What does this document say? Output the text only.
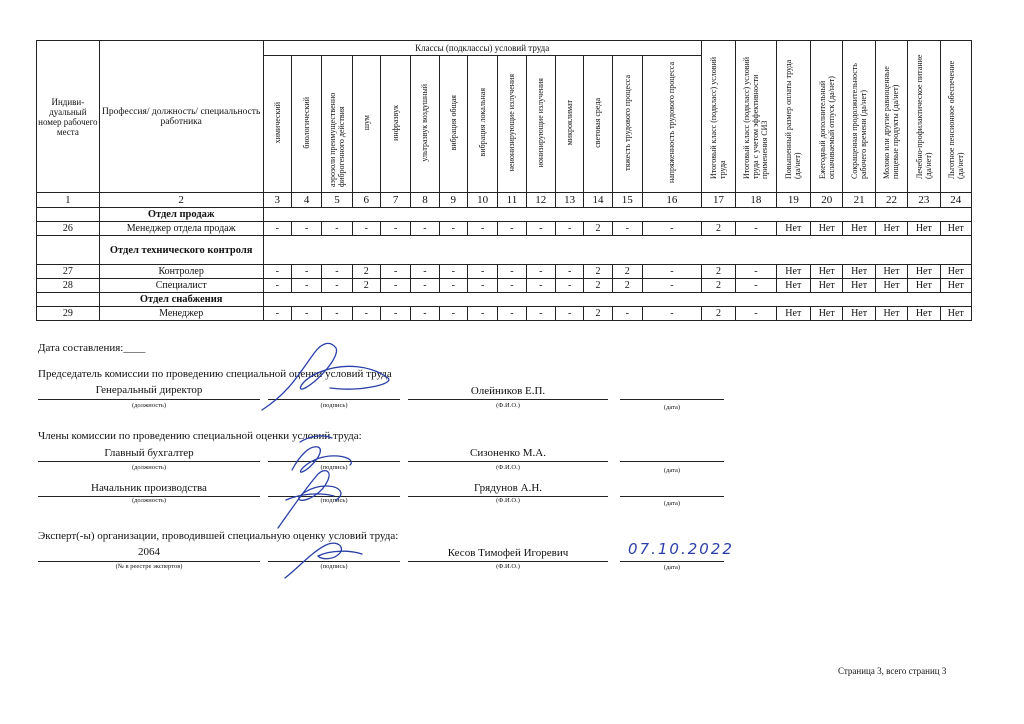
Индиви-дуальный номер рабочего места	Профессия/ должность/ специальность работника	Классы (подклассы) условий труда														Итоговый класс (подкласс) условий труда	Итоговый класс (подкласс) условий труда с учетом эффективности применения СИЗ	Повышенный размер оплаты труда (да/нет)	Ежегодный дополнительный оплачиваемый отпуск (да/нет)	Сокращенная продолжительность рабочего времени (да/нет)	Молоко или другие равноценные пищевые продукты (да/нет)	Лечебно-профилактическое питание (да/нет)	Льготное пенсионное обеспечение (да/нет)
		химический	биологический	аэрозоли преимущественно фиброгенного действия	шум	инфразвук	ультразвук воздушный	вибрация общая	вибрация локальная	неионизирующие излучения	ионизирующие излучения	микроклимат	световая среда	тяжесть трудового процесса	напряженность трудового процесса								
1	2	3	4	5	6	7	8	9	10	11	12	13	14	15	16	17	18	19	20	21	22	23	24
	Отдел продаж																						
26	Менеджер отдела продаж	-	-	-	-	-	-	-	-	-	-	-	2	-	-	2	-	Нет	Нет	Нет	Нет	Нет	Нет
	Отдел технического контроля																						
27	Контролер	-	-	-	2	-	-	-	-	-	-	-	2	2	-	2	-	Нет	Нет	Нет	Нет	Нет	Нет
28	Специалист	-	-	-	2	-	-	-	-	-	-	-	2	2	-	2	-	Нет	Нет	Нет	Нет	Нет	Нет
	Отдел снабжения																						
29	Менеджер	-	-	-	-	-	-	-	-	-	-	-	2	-	-	2	-	Нет	Нет	Нет	Нет	Нет	Нет
Дата составления:____
Председатель комиссии по проведению специальной оценки условий труда
Генеральный директор	Олейников Е.П.
(должность)	(подпись)	(Ф.И.О.)	(дата)
Члены комиссии по проведению специальной оценки условий труда:
Главный бухгалтер	Сизоненко М.А.
(должность)	(подпись)	(Ф.И.О.)	(дата)
Начальник производства	Грядунов А.Н.
(должность)	(подпись)	(Ф.И.О.)	(дата)
Эксперт(-ы) организации, проводившей специальную оценку условий труда:
2064	Кесов Тимофей Игоревич	07.10.2022
(№ в реестре экспертов)	(подпись)	(Ф.И.О.)	(дата)
Страница 3, всего страниц 3
